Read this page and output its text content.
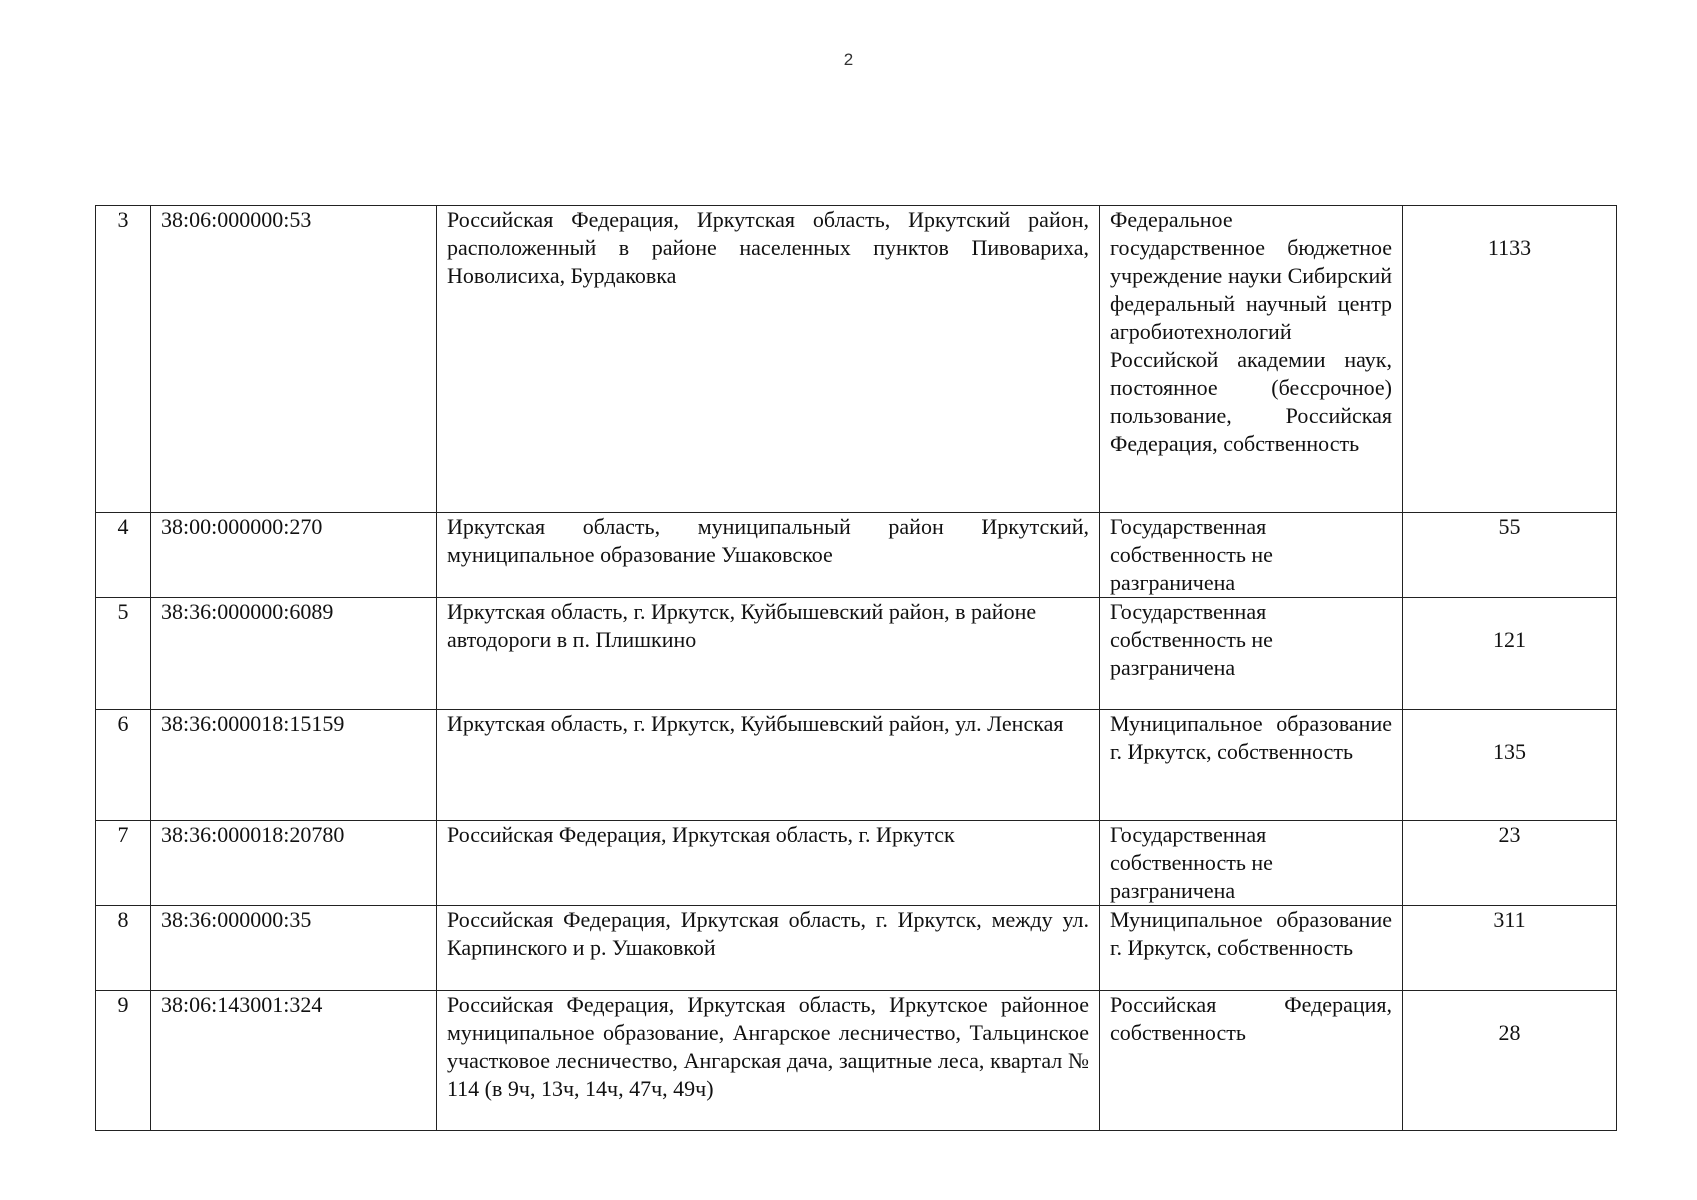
2
3	38:06:000000:53	Российская Федерация, Иркутская область, Иркутский район, расположенный в районе населенных пунктов Пивовариха, Новолисиха, Бурдаковка	Федеральное государственное бюджетное учреждение науки Сибирский федеральный научный центр агробиотехнологий Российской академии наук, постоянное (бессрочное) пользование, Российская Федерация, собственность	1133
4	38:00:000000:270	Иркутская область, муниципальный район Иркутский, муниципальное образование Ушаковское	Государственная собственность не разграничена	55
5	38:36:000000:6089	Иркутская область, г. Иркутск, Куйбышевский район, в районе автодороги в п. Плишкино	Государственная собственность не разграничена	121
6	38:36:000018:15159	Иркутская область, г. Иркутск, Куйбышевский район, ул. Ленская	Муниципальное образование г. Иркутск, собственность	135
7	38:36:000018:20780	Российская Федерация, Иркутская область, г. Иркутск	Государственная собственность не разграничена	23
8	38:36:000000:35	Российская Федерация, Иркутская область, г. Иркутск, между ул. Карпинского и р. Ушаковкой	Муниципальное образование г. Иркутск, собственность	311
9	38:06:143001:324	Российская Федерация, Иркутская область, Иркутское районное муниципальное образование, Ангарское лесничество, Тальцинское участковое лесничество, Ангарская дача, защитные леса, квартал № 114 (в 9ч, 13ч, 14ч, 47ч, 49ч)	Российская Федерация, собственность	28
